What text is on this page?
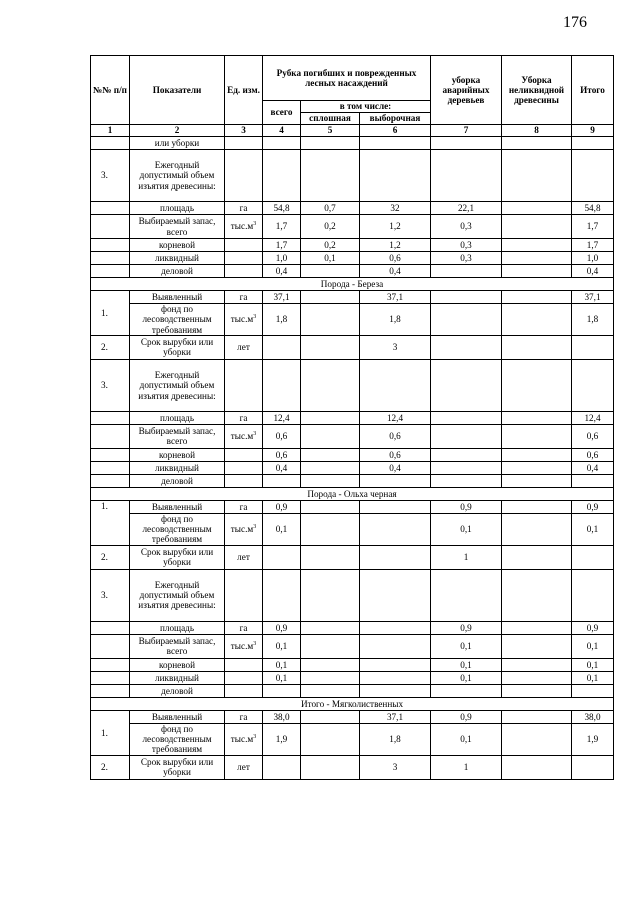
176
№№ п/п	Показатели	Ед. изм.	Рубка погибших и поврежденных лесных насаждений			уборка аварийных деревьев	Уборка неликвидной древесины	Итого

			всего	в том числе:				
				сплошная	выборочная			
1	2	3	4	5	6	7	8	9
	или уборки							
3.	Ежегодный допустимый объем изъятия древесины:							
	площадь	га	54,8	0,7	32	22,1		54,8
	Выбираемый запас, всего	$тыс.м^3$	1,7	0,2	1,2	0,3		1,7
	корневой		1,7	0,2	1,2	0,3		1,7
	ликвидный		1,0	0,1	0,6	0,3		1,0
	деловой		0,4		0,4			0,4
Порода - Береза								
1.	Выявленный	га	37,1		37,1			37,1
	фонд по лесоводственным требованиям	$тыс.м^3$	1,8		1,8			1,8
2.	Срок вырубки или уборки	лет			3			
3.	Ежегодный допустимый объем изъятия древесины:							
	площадь	га	12,4		12,4			12,4
	Выбираемый запас, всего	$тыс.м^3$	0,6		0,6			0,6
	корневой		0,6		0,6			0,6
	ликвидный		0,4		0,4			0,4
	деловой							
Порода - Ольха черная								
1.	Выявленный	га	0,9			0,9		0,9
	фонд по лесоводственным требованиям	$тыс.м^3$	0,1			0,1		0,1
2.	Срок вырубки или уборки	лет				1		
3.	Ежегодный допустимый объем изъятия древесины:							
	площадь	га	0,9			0,9		0,9
	Выбираемый запас, всего	$тыс.м^3$	0,1			0,1		0,1
	корневой		0,1			0,1		0,1
	ликвидный		0,1			0,1		0,1
	деловой							
Итого - Мягколиственных								
1.	Выявленный	га	38,0		37,1	0,9		38,0
	фонд по лесоводственным требованиям	$тыс.м^3$	1,9		1,8	0,1		1,9
2.	Срок вырубки или уборки	лет			3	1		
